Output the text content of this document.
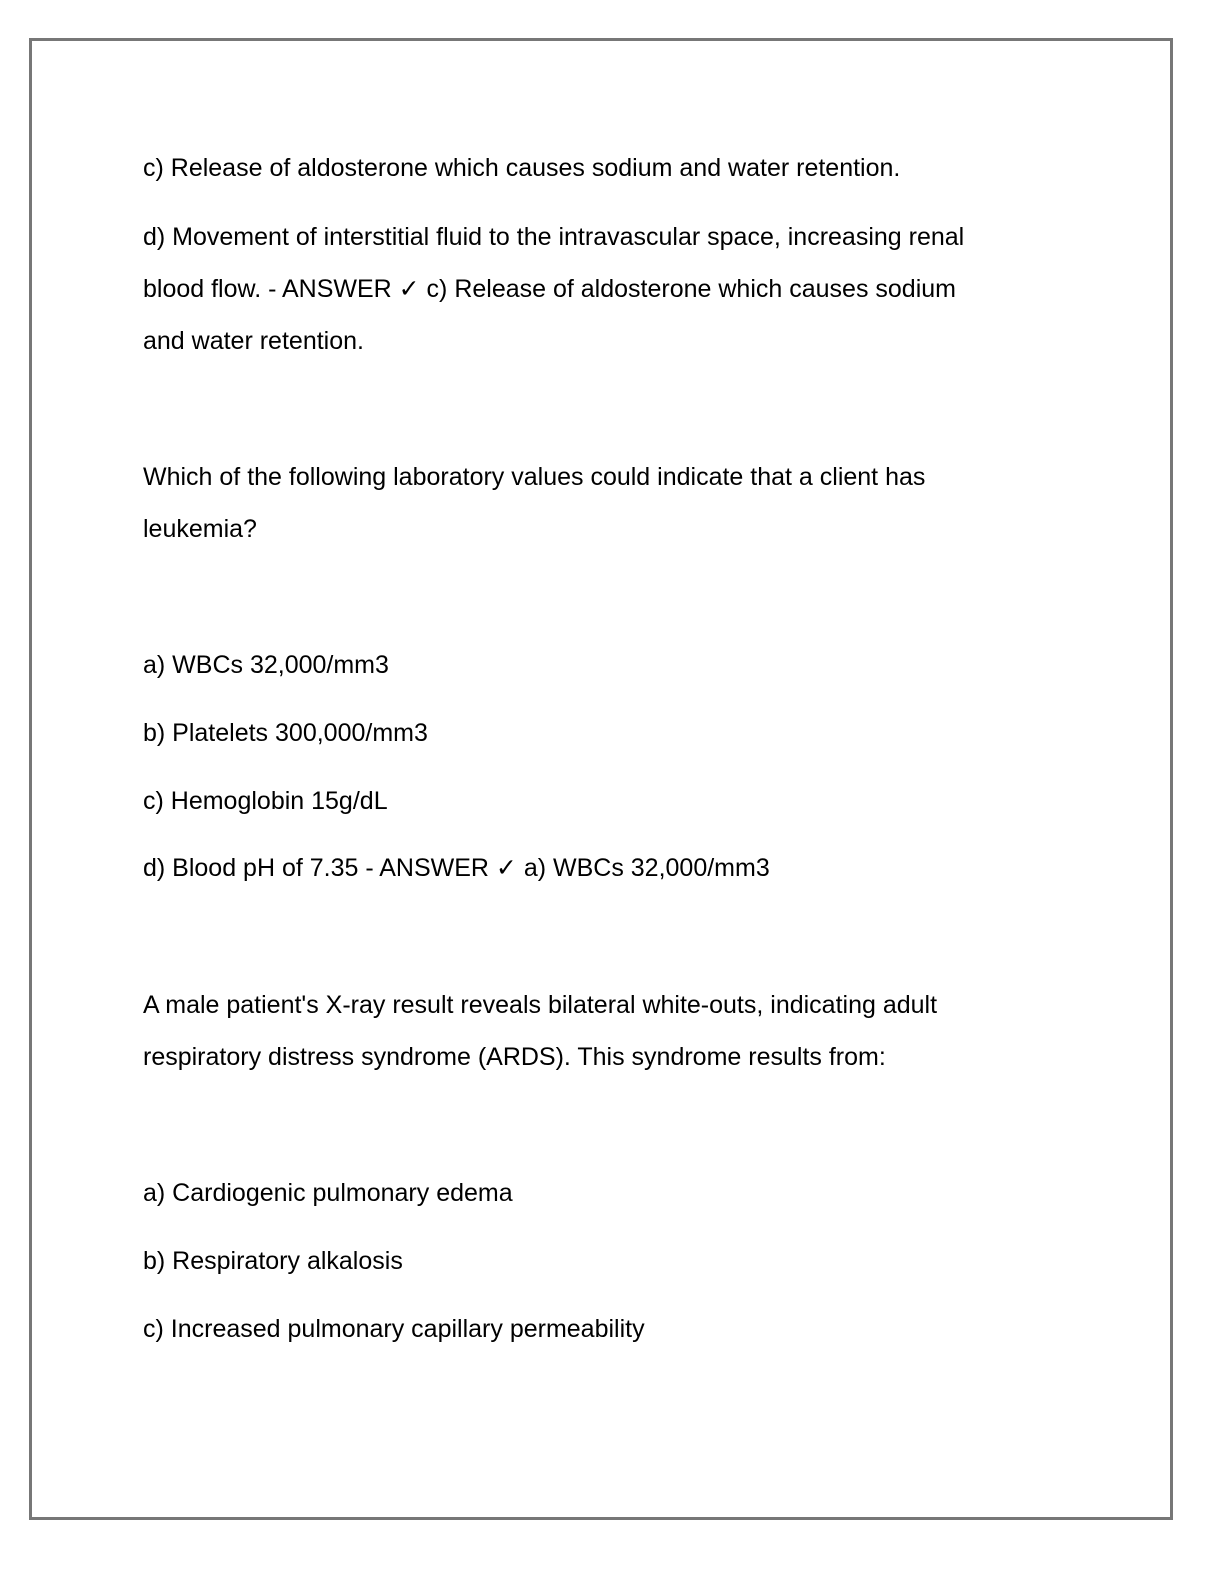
c) Release of aldosterone which causes sodium and water retention.

d) Movement of interstitial fluid to the intravascular space, increasing renal

blood flow. - ANSWER ✓ c) Release of aldosterone which causes sodium

and water retention.

Which of the following laboratory values could indicate that a client has

leukemia?

a) WBCs 32,000/mm3

b) Platelets 300,000/mm3

c) Hemoglobin 15g/dL

d) Blood pH of 7.35 - ANSWER ✓ a) WBCs 32,000/mm3

A male patient's X-ray result reveals bilateral white-outs, indicating adult

respiratory distress syndrome (ARDS). This syndrome results from:

a) Cardiogenic pulmonary edema

b) Respiratory alkalosis

c) Increased pulmonary capillary permeability
